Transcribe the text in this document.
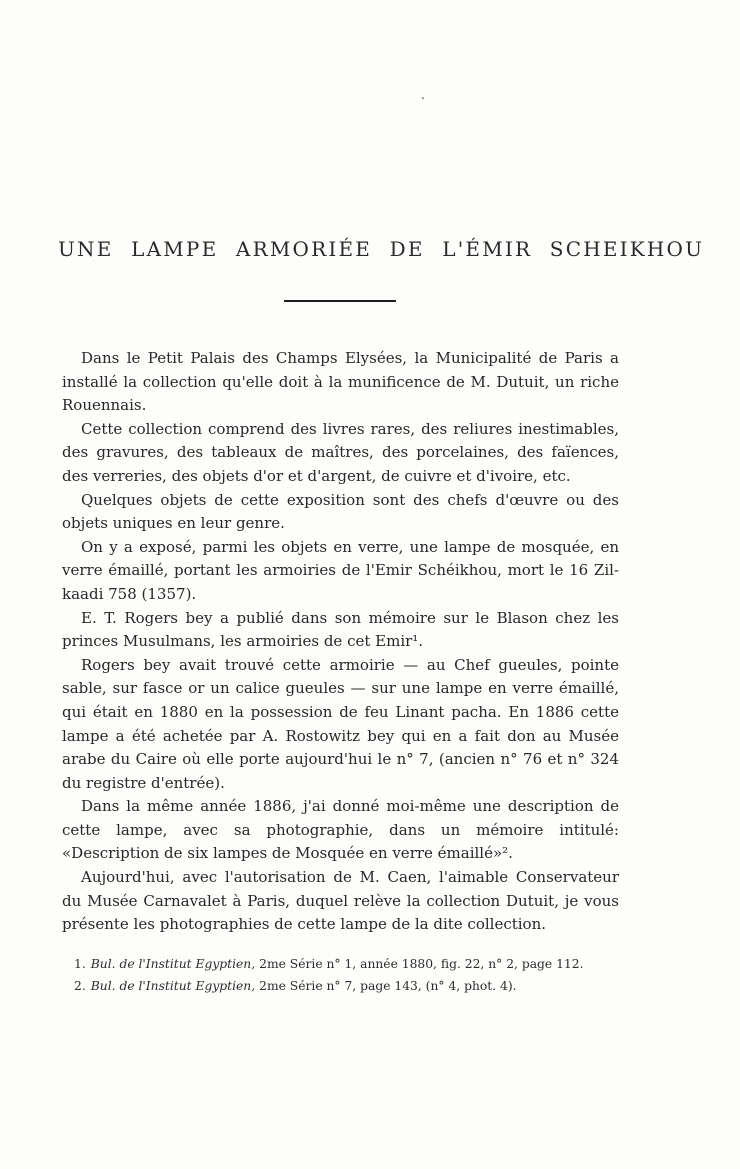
.
UNE LAMPE ARMORIÉE DE L'ÉMIR SCHEIKHOU

Dans le Petit Palais des Champs Elysées, la Municipalité de Paris a installé la collection qu'elle doit à la munificence de M. Dutuit, un riche Rouennais.

Cette collection comprend des livres rares, des reliures inestimables, des gravures, des tableaux de maîtres, des porcelaines, des faïences, des verreries, des objets d'or et d'argent, de cuivre et d'ivoire, etc.

Quelques objets de cette exposition sont des chefs d'œuvre ou des objets uniques en leur genre.

On y a exposé, parmi les objets en verre, une lampe de mosquée, en verre émaillé, portant les armoiries de l'Emir Schéikhou, mort le 16 Zil-kaadi 758 (1357).

E. T. Rogers bey a publié dans son mémoire sur le Blason chez les princes Musulmans, les armoiries de cet Emir¹.

Rogers bey avait trouvé cette armoirie — au Chef gueules, pointe sable, sur fasce or un calice gueules — sur une lampe en verre émaillé, qui était en 1880 en la possession de feu Linant pacha. En 1886 cette lampe a été achetée par A. Rostowitz bey qui en a fait don au Musée arabe du Caire où elle porte aujourd'hui le n° 7, (ancien n° 76 et n° 324 du registre d'entrée).

Dans la même année 1886, j'ai donné moi-même une description de cette lampe, avec sa photographie, dans un mémoire intitulé: «Description de six lampes de Mosquée en verre émaillé»².

Aujourd'hui, avec l'autorisation de M. Caen, l'aimable Conservateur du Musée Carnavalet à Paris, duquel relève la collection Dutuit, je vous présente les photographies de cette lampe de la dite collection.

1. Bul. de l'Institut Egyptien, 2me Série n° 1, année 1880, fig. 22, n° 2, page 112.

2. Bul. de l'Institut Egyptien, 2me Série n° 7, page 143, (n° 4, phot. 4).
